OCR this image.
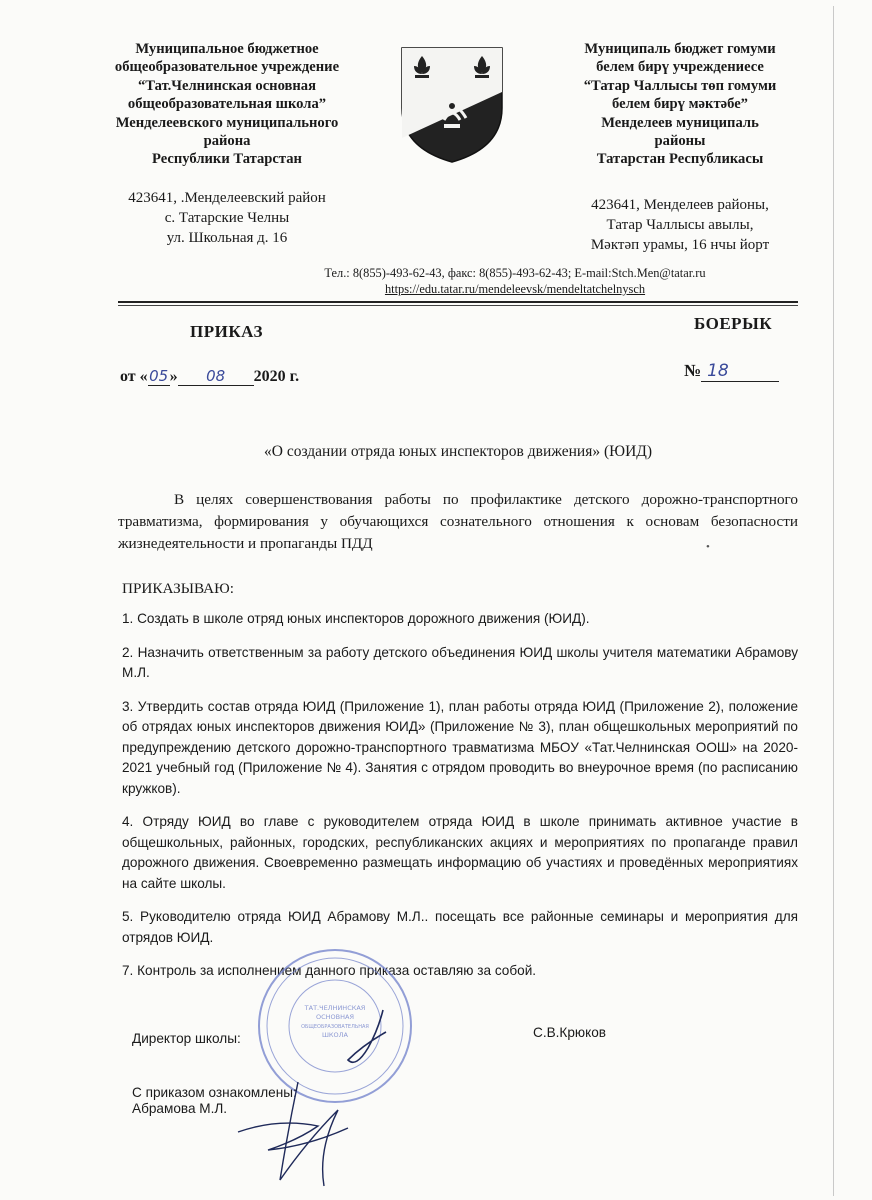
Муниципальное бюджетное
общеобразовательное учреждение
“Тат.Челнинская основная
общеобразовательная школа”
Менделеевского муниципального
района
Республики Татарстан
423641, .Менделеевский район
с. Татарские Челны
ул. Школьная д. 16
Муниципаль бюджет гомуми
белем бирү учреждениесе
“Татар Чаллысы төп гомуми
белем бирү мәктәбе”
Менделеев муниципаль
районы
Татарстан Республикасы
423641, Менделеев районы,
Татар Чаллысы авылы,
Мәктәп урамы, 16 нчы йорт
Тел.: 8(855)-493-62-43, факс: 8(855)-493-62-43; E-mail:Stch.Men@tatar.ru
https://edu.tatar.ru/mendeleevsk/mendeltatchelnysch
ПРИКАЗ	БОЕРЫК
от «05» 08 2020 г.	№ 18
«О создании отряда юных инспекторов движения» (ЮИД)
В целях совершенствования работы по профилактике детского дорожно-транспортного травматизма, формирования у обучающихся сознательного отношения к основам безопасности жизнедеятельности и пропаганды ПДД
ПРИКАЗЫВАЮ:
1. Создать в школе отряд юных инспекторов дорожного движения (ЮИД).
2. Назначить ответственным за работу детского объединения ЮИД школы учителя математики Абрамову М.Л.
3. Утвердить состав отряда ЮИД (Приложение 1), план работы отряда ЮИД (Приложение 2), положение об отрядах юных инспекторов движения ЮИД» (Приложение № 3), план общешкольных мероприятий по предупреждению детского дорожно-транспортного травматизма МБОУ «Тат.Челнинская ООШ» на 2020-2021 учебный год (Приложение № 4). Занятия с отрядом проводить во внеурочное время (по расписанию кружков).
4. Отряду ЮИД во главе с руководителем отряда ЮИД в школе принимать активное участие в общешкольных, районных, городских, республиканских акциях и мероприятиях по пропаганде правил дорожного движения. Своевременно размещать информацию об участиях и проведённых мероприятиях на сайте школы.
5. Руководителю отряда ЮИД Абрамову М.Л.. посещать все районные семинары и мероприятия для отрядов ЮИД.
7. Контроль за исполнением данного приказа оставляю за собой.
ТАТ.ЧЕЛНИНСКАЯ
ОСНОВНАЯ
ОБЩЕОБРАЗОВАТЕЛЬНАЯ
ШКОЛА
Директор школы:	С.В.Крюков
С приказом ознакомлены:
Абрамова М.Л.
•
